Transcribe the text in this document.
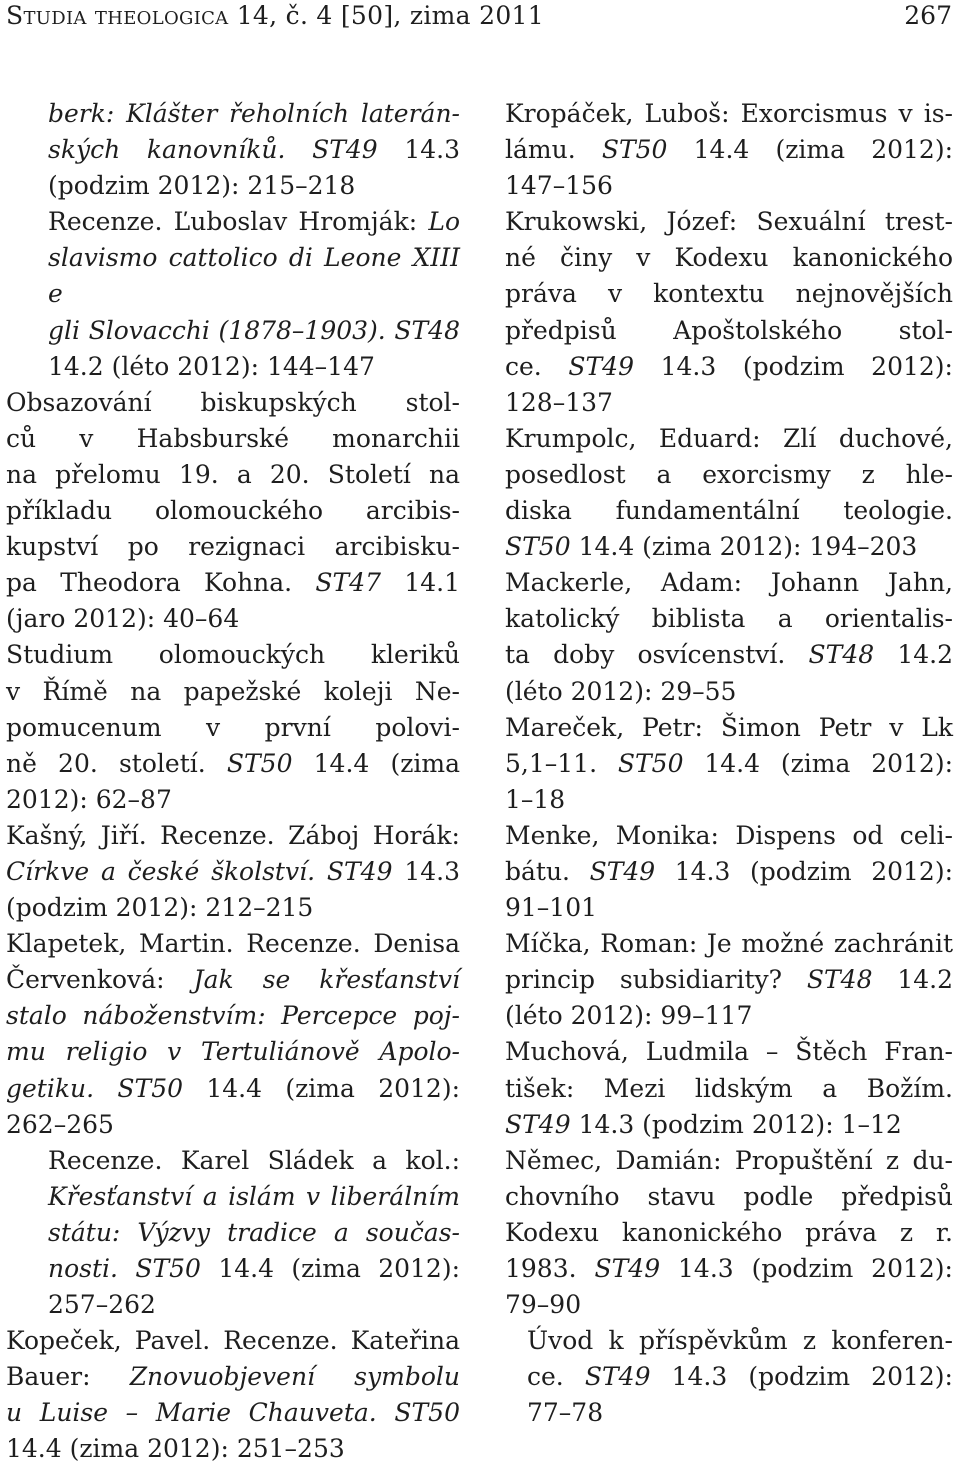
Studia theologica 14, č. 4 [50], zima 2011	267
berk: Klášter řeholních laterán-
ských kanovníků. ST49 14.3
(podzim 2012): 215–218
Recenze. Ľuboslav Hromják: Lo
slavismo cattolico di Leone XIII e
gli Slovacchi (1878–1903). ST48
14.2 (léto 2012): 144–147
Obsazování biskupských stol-
ců v Habsburské monarchii
na přelomu 19. a 20. Století na
příkladu olomouckého arcibis-
kupství po rezignaci arcibisku-
pa Theodora Kohna. ST47 14.1
(jaro 2012): 40–64
Studium olomouckých kleriků
v Římě na papežské koleji Ne-
pomucenum v první polovi-
ně 20. století. ST50 14.4 (zima
2012): 62–87
Kašný, Jiří. Recenze. Záboj Horák:
Církve a české školství. ST49 14.3
(podzim 2012): 212–215
Klapetek, Martin. Recenze. Denisa
Červenková: Jak se křesťanství
stalo náboženstvím: Percepce poj-
mu religio v Tertuliánově Apolo-
getiku. ST50 14.4 (zima 2012):
262–265
Recenze. Karel Sládek a kol.:
Křesťanství a islám v liberálním
státu: Výzvy tradice a součas-
nosti. ST50 14.4 (zima 2012):
257–262
Kopeček, Pavel. Recenze. Kateřina
Bauer: Znovuobjevení symbolu
u Luise – Marie Chauveta. ST50
14.4 (zima 2012): 251–253
Kropáček, Luboš: Exorcismus v is-
lámu. ST50 14.4 (zima 2012):
147–156
Krukowski, Józef: Sexuální trest-
né činy v Kodexu kanonického
práva v kontextu nejnovějších
předpisů Apoštolského stol-
ce. ST49 14.3 (podzim 2012):
128–137
Krumpolc, Eduard: Zlí duchové,
posedlost a exorcismy z hle-
diska fundamentální teologie.
ST50 14.4 (zima 2012): 194–203
Mackerle, Adam: Johann Jahn,
katolický biblista a orientalis-
ta doby osvícenství. ST48 14.2
(léto 2012): 29–55
Mareček, Petr: Šimon Petr v Lk
5,1–11. ST50 14.4 (zima 2012):
1–18
Menke, Monika: Dispens od celi-
bátu. ST49 14.3 (podzim 2012):
91–101
Míčka, Roman: Je možné zachránit
princip subsidiarity? ST48 14.2
(léto 2012): 99–117
Muchová, Ludmila – Štěch Fran-
tišek: Mezi lidským a Božím.
ST49 14.3 (podzim 2012): 1–12
Němec, Damián: Propuštění z du-
chovního stavu podle předpisů
Kodexu kanonického práva z r.
1983. ST49 14.3 (podzim 2012):
79–90
Úvod k příspěvkům z konferen-
ce. ST49 14.3 (podzim 2012):
77–78
